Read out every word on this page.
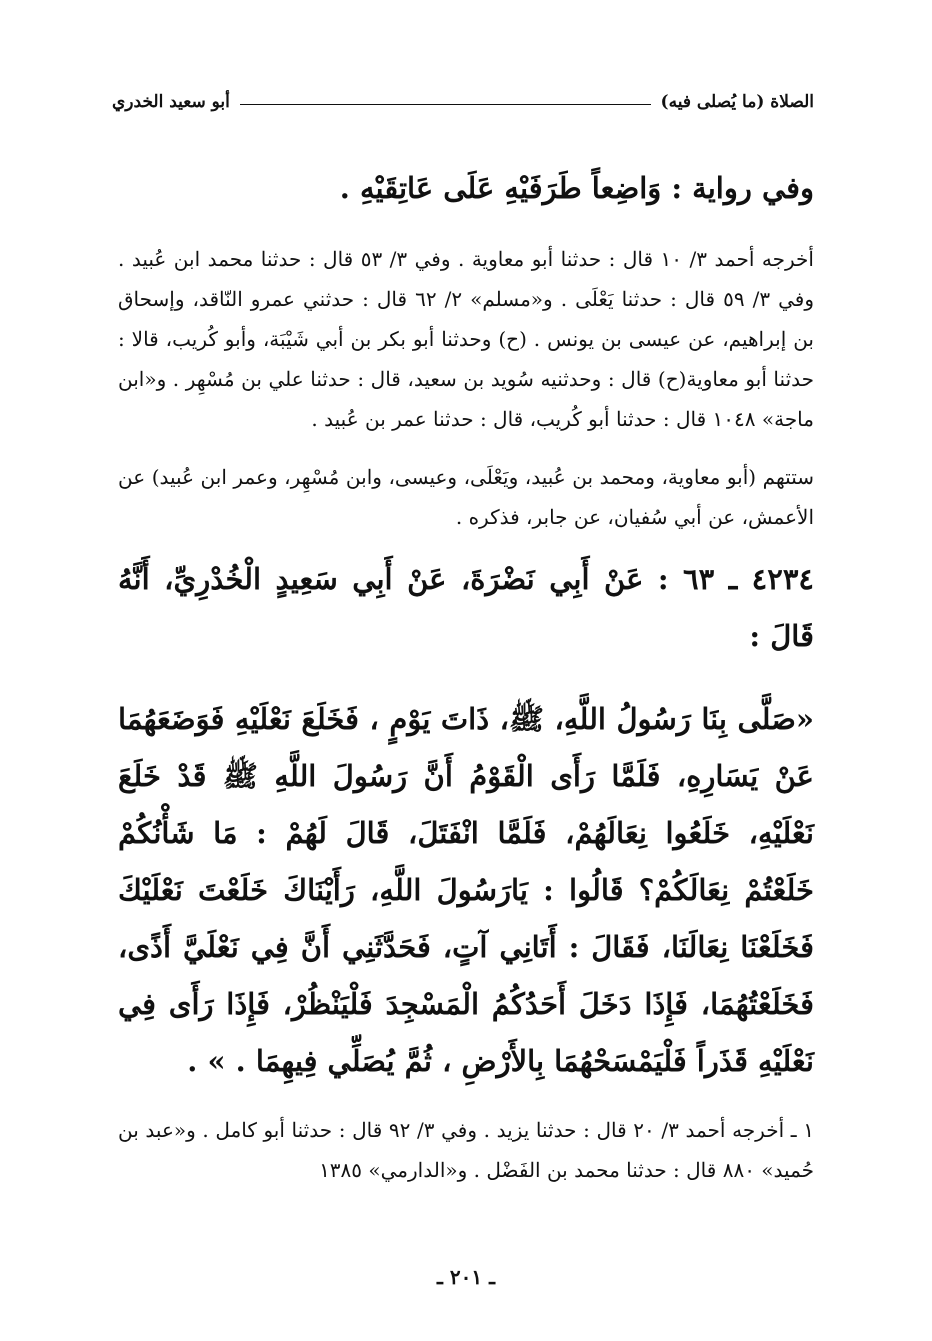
الصلاة (ما يُصلى فيه)
أبو سعيد الخدري

وفي رواية : وَاضِعاً طَرَفَيْهِ عَلَى عَاتِقَيْهِ .

أخرجه أحمد ٣/ ١٠ قال : حدثنا أبو معاوية . وفي ٣/ ٥٣ قال : حدثنا محمد ابن عُبيد . وفي ٣/ ٥٩ قال : حدثنا يَعْلَى . و«مسلم» ٢/ ٦٢ قال : حدثني عمرو النّاقد، وإسحاق بن إبراهيم، عن عيسى بن يونس . (ح) وحدثنا أبو بكر بن أبي شَيْبَة، وأبو كُريب، قالا : حدثنا أبو معاوية(ح) قال : وحدثنيه سُويد بن سعيد، قال : حدثنا علي بن مُسْهِر . و«ابن ماجة» ١٠٤٨ قال : حدثنا أبو كُريب، قال : حدثنا عمر بن عُبيد .

ستتهم (أبو معاوية، ومحمد بن عُبيد، ويَعْلَى، وعيسى، وابن مُسْهِر، وعمر ابن عُبيد) عن الأعمش، عن أبي سُفيان، عن جابر، فذكره .

٤٢٣٤ ـ ٦٣ : عَنْ أَبِي نَضْرَةَ، عَنْ أَبِي سَعِيدٍ الْخُدْرِيِّ، أَنَّهُ قَالَ :

«صَلَّى بِنَا رَسُولُ اللَّهِ، ﷺ، ذَاتَ يَوْمٍ ، فَخَلَعَ نَعْلَيْهِ فَوَضَعَهُمَا عَنْ يَسَارِهِ، فَلَمَّا رَأَى الْقَوْمُ أَنَّ رَسُولَ اللَّهِ ﷺ قَدْ خَلَعَ نَعْلَيْهِ، خَلَعُوا نِعَالَهُمْ، فَلَمَّا انْفَتَلَ، قَالَ لَهُمْ : مَا شَأْنُكُمْ خَلَعْتُمْ نِعَالَكُمْ؟ قَالُوا : يَارَسُولَ اللَّهِ، رَأَيْنَاكَ خَلَعْتَ نَعْلَيْكَ فَخَلَعْنَا نِعَالَنَا، فَقَالَ : أَتَانِي آتٍ، فَحَدَّثَنِي أَنَّ فِي نَعْلَيَّ أَذًى، فَخَلَعْتُهُمَا، فَإِذَا دَخَلَ أَحَدُكُمُ الْمَسْجِدَ فَلْيَنْظُرْ، فَإِذَا رَأَى فِي نَعْلَيْهِ قَذَراً فَلْيَمْسَحْهُمَا بِالأَرْضِ ، ثُمَّ يُصَلِّي فِيهِمَا . » .

١ ـ أخرجه أحمد ٣/ ٢٠ قال : حدثنا يزيد . وفي ٣/ ٩٢ قال : حدثنا أبو كامل . و«عبد بن حُميد» ٨٨٠ قال : حدثنا محمد بن الفَضْل . و«الدارمي» ١٣٨٥

ـ ٢٠١ ـ
